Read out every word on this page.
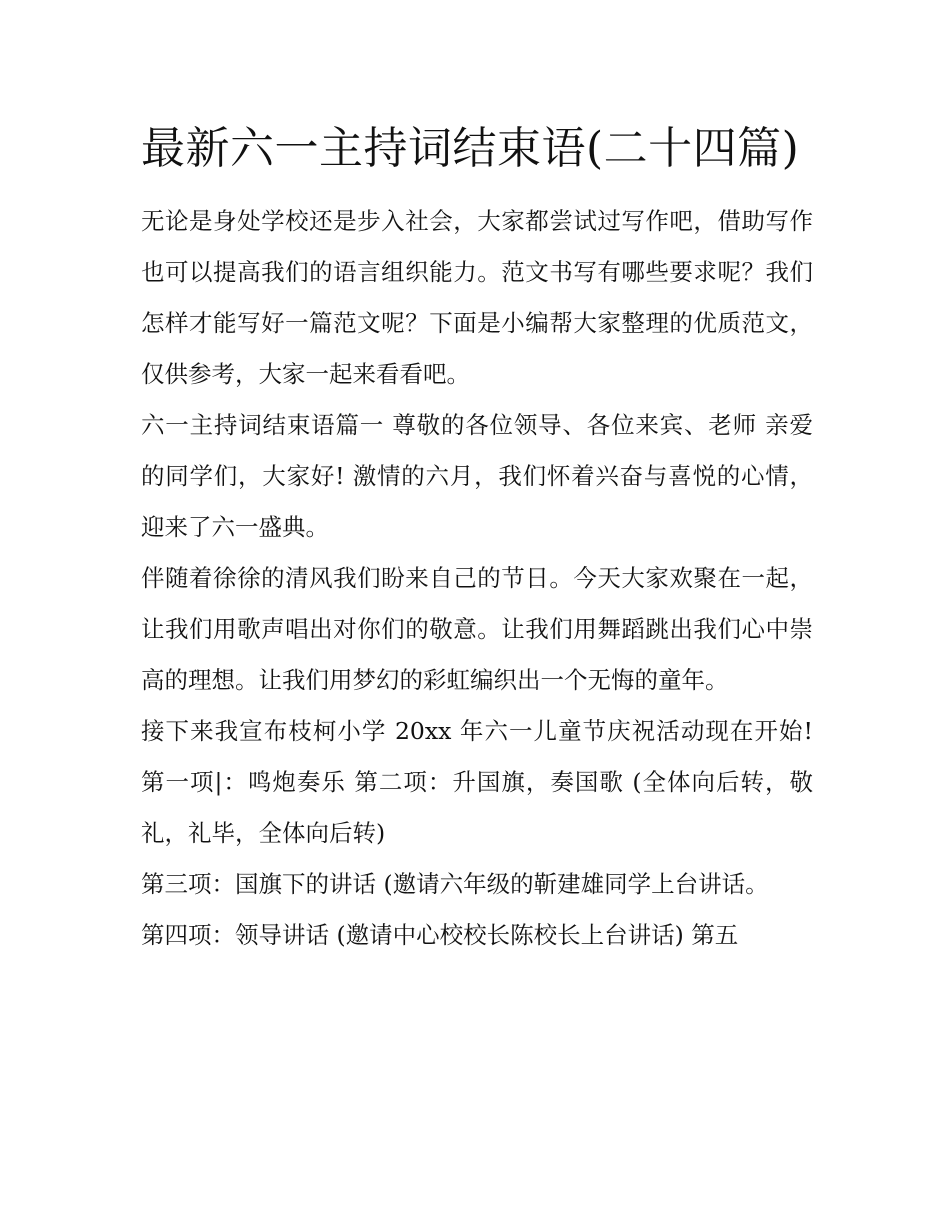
最新六一主持词结束语(二十四篇)

无论是身处学校还是步入社会，大家都尝试过写作吧，借助写作也可以提高我们的语言组织能力。范文书写有哪些要求呢？我们怎样才能写好一篇范文呢？下面是小编帮大家整理的优质范文，仅供参考，大家一起来看看吧。

六一主持词结束语篇一 尊敬的各位领导、各位来宾、老师 亲爱的同学们，大家好! 激情的六月，我们怀着兴奋与喜悦的心情，迎来了六一盛典。

伴随着徐徐的清风我们盼来自己的节日。今天大家欢聚在一起，让我们用歌声唱出对你们的敬意。让我们用舞蹈跳出我们心中崇高的理想。让我们用梦幻的彩虹编织出一个无悔的童年。

接下来我宣布枝柯小学 20xx 年六一儿童节庆祝活动现在开始! 第一项|：鸣炮奏乐 第二项：升国旗，奏国歌 (全体向后转，敬礼，礼毕，全体向后转)

第三项：国旗下的讲话 (邀请六年级的靳建雄同学上台讲话。

第四项：领导讲话 (邀请中心校校长陈校长上台讲话) 第五
